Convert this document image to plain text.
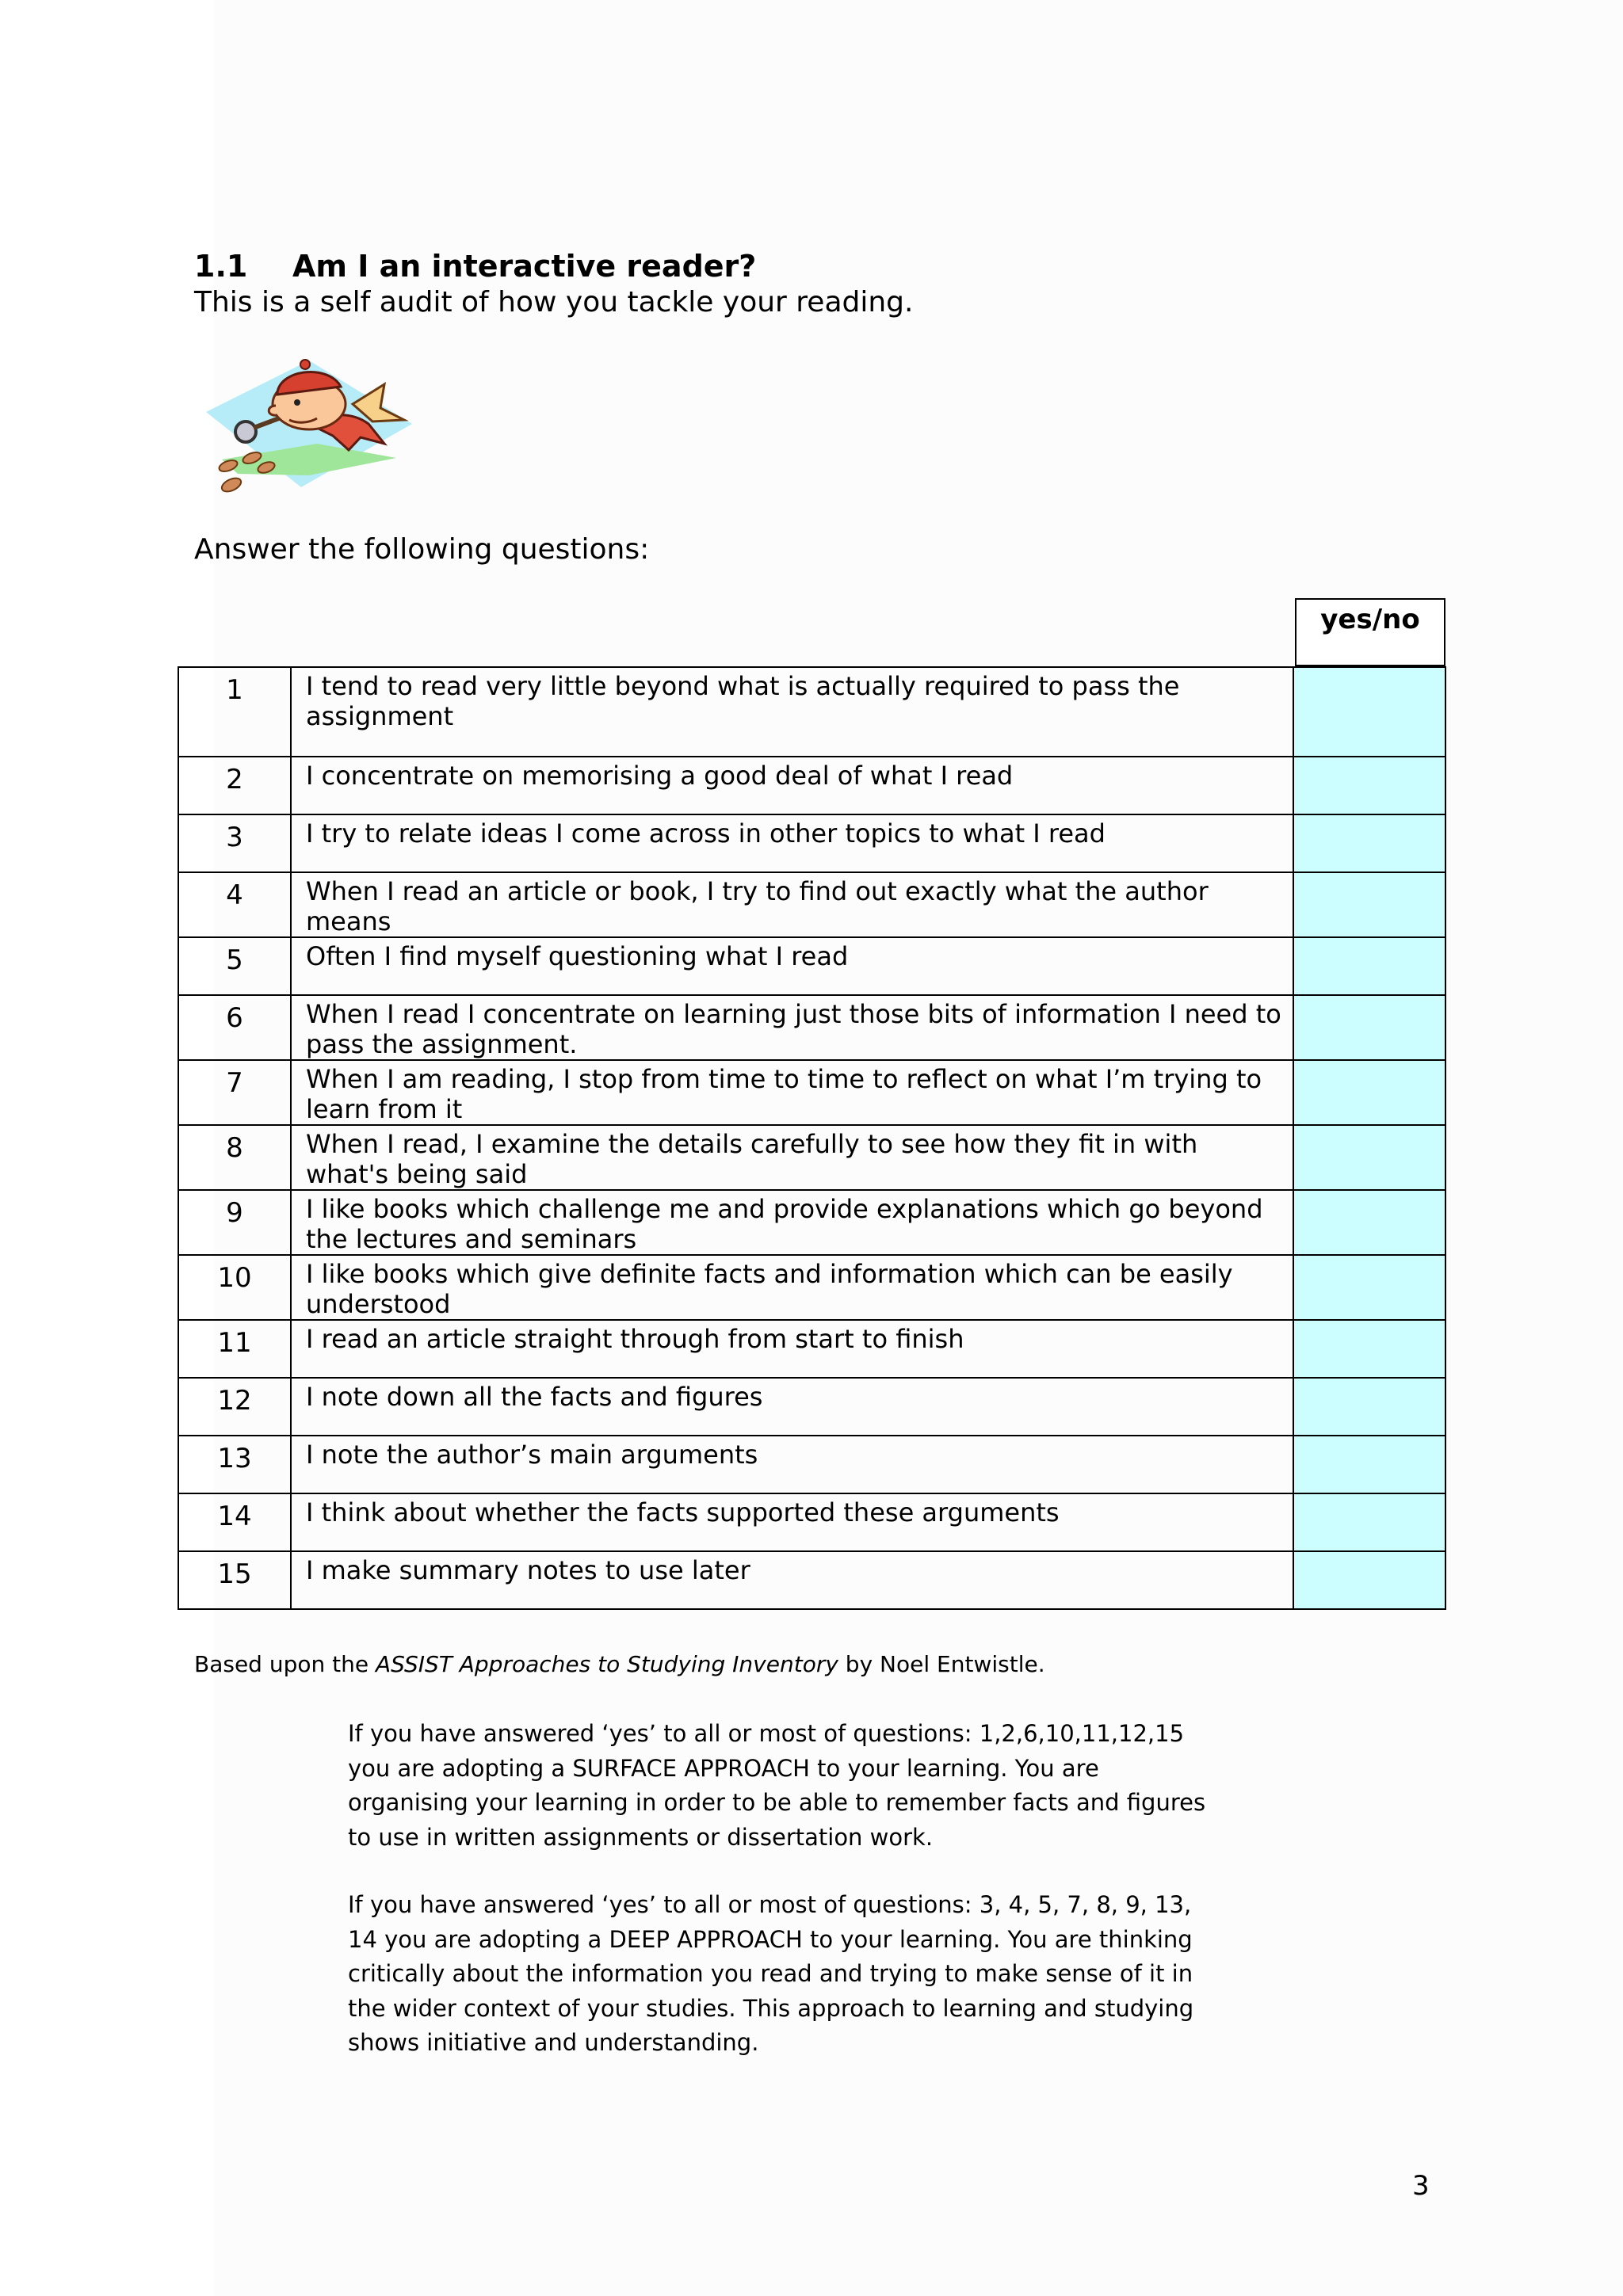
1.1 Am I an interactive reader?
This is a self audit of how you tackle your reading.
Answer the following questions:
yes/no
1	I tend to read very little beyond what is actually required to pass the assignment	
2	I concentrate on memorising a good deal of what I read	
3	I try to relate ideas I come across in other topics to what I read	
4	When I read an article or book, I try to find out exactly what the author means	
5	Often I find myself questioning what I read	
6	When I read I concentrate on learning just those bits of information I need to pass the assignment.	
7	When I am reading, I stop from time to time to reflect on what I’m trying to learn from it	
8	When I read, I examine the details carefully to see how they fit in with what's being said	
9	I like books which challenge me and provide explanations which go beyond the lectures and seminars	
10	I like books which give definite facts and information which can be easily understood	
11	I read an article straight through from start to finish	
12	I note down all the facts and figures	
13	I note the author’s main arguments	
14	I think about whether the facts supported these arguments	
15	I make summary notes to use later	
Based upon the ASSIST Approaches to Studying Inventory by Noel Entwistle.
If you have answered ‘yes’ to all or most of questions: 1,2,6,10,11,12,15 you are adopting a SURFACE APPROACH to your learning. You are organising your learning in order to be able to remember facts and figures to use in written assignments or dissertation work.
If you have answered ‘yes’ to all or most of questions: 3, 4, 5, 7, 8, 9, 13, 14 you are adopting a DEEP APPROACH to your learning. You are thinking critically about the information you read and trying to make sense of it in the wider context of your studies. This approach to learning and studying shows initiative and understanding.
3
